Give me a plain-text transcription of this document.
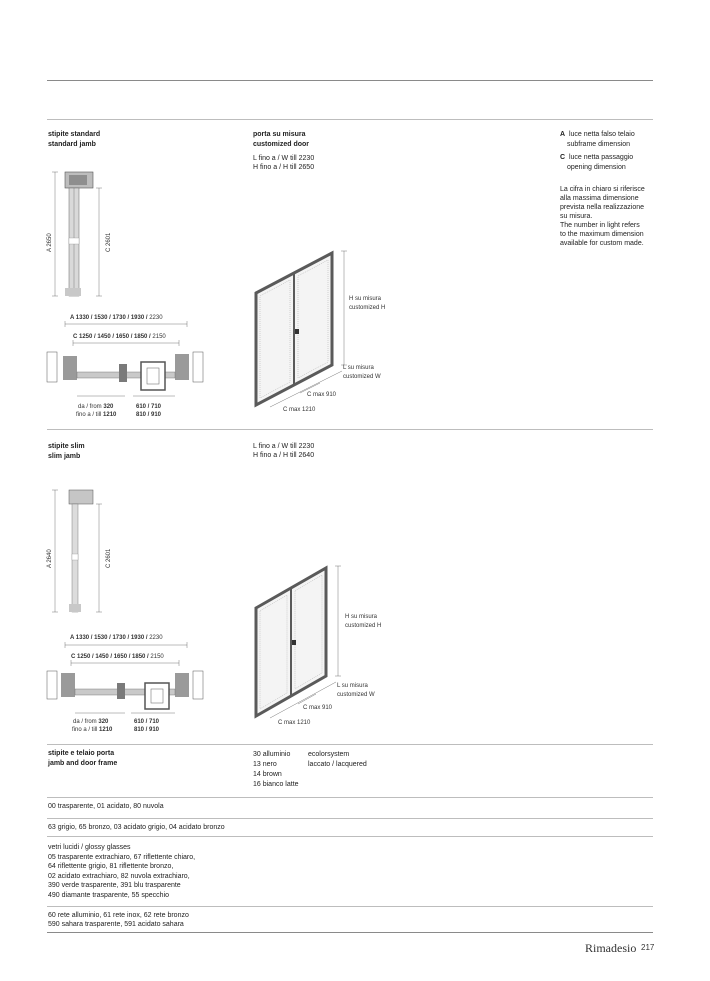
stipite standard
standard jamb
A 2650	C 2601
A 1330 / 1530 / 1730 / 1930 / 2230
C 1250 / 1450 / 1650 / 1850 / 2150
da / from 320
fino a / till 1210
610 / 710
810 / 910
porta su misura
customized door
L fino a / W till 2230
H fino a / H till 2650
A luce netta falso telaio
subframe dimension
C luce netta passaggio
opening dimension
La cifra in chiaro si riferisce
alla massima dimensione
prevista nella realizzazione
su misura.
The number in light refers
to the maximum dimension
available for custom made.
H su misura
customized H
L su misura
customized W
C max 910
C max 1210
stipite slim
slim jamb
L fino a / W till 2230
H fino a / H till 2640
A 2640	C 2601
A 1330 / 1530 / 1730 / 1930 / 2230
C 1250 / 1450 / 1650 / 1850 / 2150
da / from 320
fino a / till 1210
610 / 710
810 / 910
H su misura
customized H
L su misura
customized W
C max 910
C max 1210
stipite e telaio porta
jamb and door frame
30 alluminio
13 nero
14 brown
16 bianco latte
ecolorsystem
laccato / lacquered
00 trasparente, 01 acidato, 80 nuvola
63 grigio, 65 bronzo, 03 acidato grigio, 04 acidato bronzo
vetri lucidi / glossy glasses
05 trasparente extrachiaro, 67 riflettente chiaro,
64 riflettente grigio, 81 riflettente bronzo,
02 acidato extrachiaro, 82 nuvola extrachiaro,
390 verde trasparente, 391 blu trasparente
490 diamante trasparente, 55 specchio
60 rete alluminio, 61 rete inox, 62 rete bronzo
590 sahara trasparente, 591 acidato sahara
Rimadesio 217
